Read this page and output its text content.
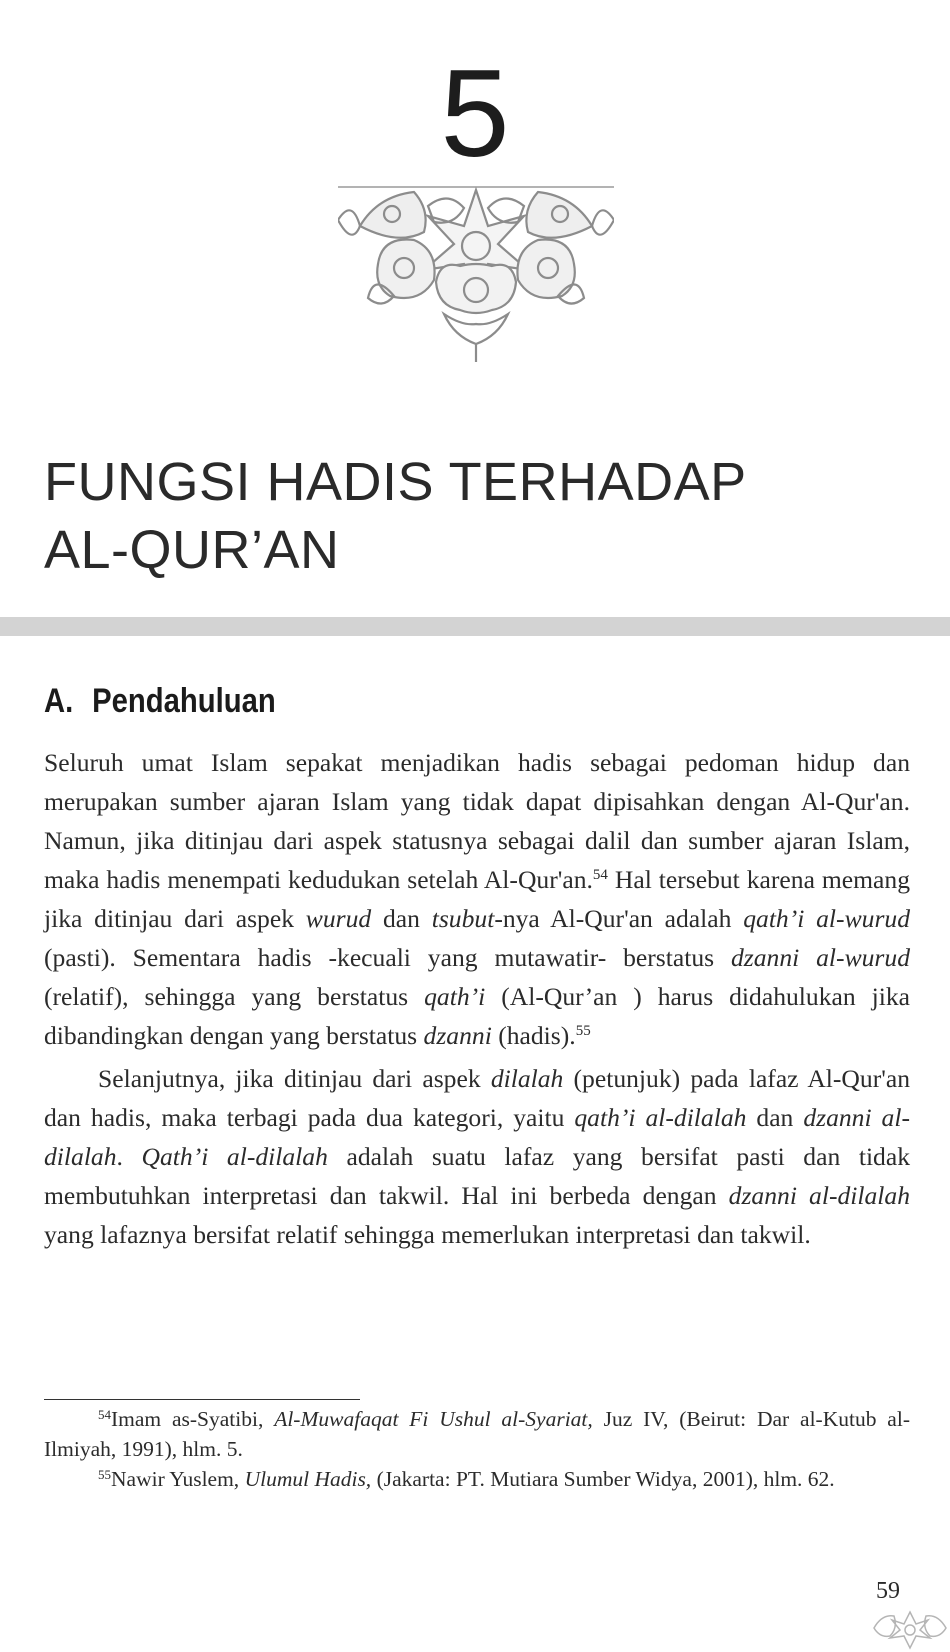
5
FUNGSI HADIS TERHADAP
AL-QUR’AN
A. Pendahuluan

Seluruh umat Islam sepakat menjadikan hadis sebagai pedoman hidup dan merupakan sumber ajaran Islam yang tidak dapat dipisahkan dengan Al-Qur'an. Namun, jika ditinjau dari aspek statusnya sebagai dalil dan sumber ajaran Islam, maka hadis menempati kedudukan setelah Al-Qur'an.$^{54}$ Hal tersebut karena memang jika ditinjau dari aspek wurud dan tsubut-nya Al-Qur'an adalah qath’i al-wurud (pasti). Sementara hadis -kecuali yang mutawatir- berstatus dzanni al-wurud (relatif), sehingga yang berstatus qath’i (Al-Qur’an ) harus didahulukan jika dibandingkan dengan yang berstatus dzanni (hadis).$^{55}$

Selanjutnya, jika ditinjau dari aspek dilalah (petunjuk) pada lafaz Al-Qur'an dan hadis, maka terbagi pada dua kategori, yaitu qath’i al-dilalah dan dzanni al-dilalah. Qath’i al-dilalah adalah suatu lafaz yang bersifat pasti dan tidak membutuhkan interpretasi dan takwil. Hal ini berbeda dengan dzanni al-dilalah yang lafaznya bersifat relatif sehingga memerlukan interpretasi dan takwil.

$^{54}$Imam as-Syatibi, Al-Muwafaqat Fi Ushul al-Syariat, Juz IV, (Beirut: Dar al-Kutub al-Ilmiyah, 1991), hlm. 5.

$^{55}$Nawir Yuslem, Ulumul Hadis, (Jakarta: PT. Mutiara Sumber Widya, 2001), hlm. 62.

59
